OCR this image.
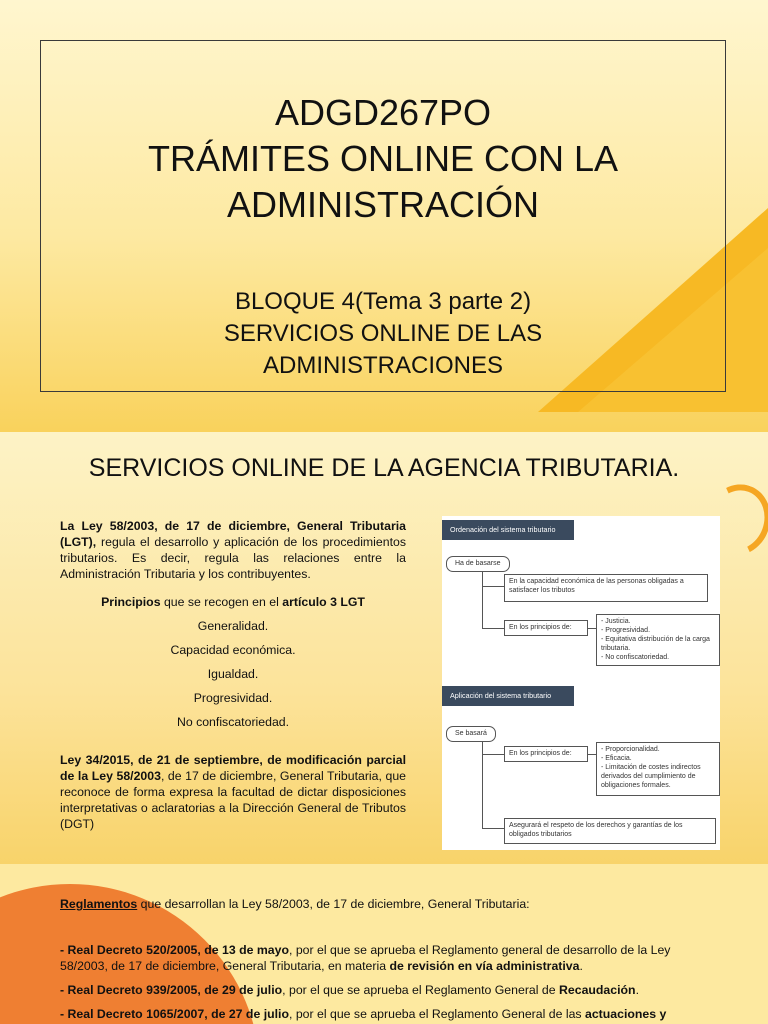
ADGD267PO
TRÁMITES ONLINE CON LA
ADMINISTRACIÓN
BLOQUE 4(Tema 3 parte 2)
SERVICIOS ONLINE DE LAS
ADMINISTRACIONES
SERVICIOS ONLINE DE LA AGENCIA TRIBUTARIA.

La Ley 58/2003, de 17 de diciembre, General Tributaria (LGT), regula el desarrollo y aplicación de los procedimientos tributarios. Es decir, regula las relaciones entre la Administración Tributaria y los contribuyentes.

Principios que se recogen en el artículo 3 LGT

Generalidad.

Capacidad económica.

Igualdad.

Progresividad.

No confiscatoriedad.

Ley 34/2015, de 21 de septiembre, de modificación parcial de la Ley 58/2003, de 17 de diciembre, General Tributaria, que reconoce de forma expresa la facultad de dictar disposiciones interpretativas o aclaratorias a la Dirección General de Tributos (DGT)

Ordenación del sistema tributario
Ha de basarse
En la capacidad económica de las personas obligadas a satisfacer los tributos
En los principios de:
- Justicia.
- Progresividad.
- Equitativa distribución de la carga tributaria.
- No confiscatoriedad.
Aplicación del sistema tributario
Se basará
En los principios de:
- Proporcionalidad.
- Eficacia.
- Limitación de costes indirectos derivados del cumplimiento de obligaciones formales.
Asegurará el respeto de los derechos y garantías de los obligados tributarios

Reglamentos que desarrollan la Ley 58/2003, de 17 de diciembre, General Tributaria:

- Real Decreto 520/2005, de 13 de mayo, por el que se aprueba el Reglamento general de desarrollo de la Ley 58/2003, de 17 de diciembre, General Tributaria, en materia de revisión en vía administrativa.

- Real Decreto 939/2005, de 29 de julio, por el que se aprueba el Reglamento General de Recaudación.

- Real Decreto 1065/2007, de 27 de julio, por el que se aprueba el Reglamento General de las actuaciones y
